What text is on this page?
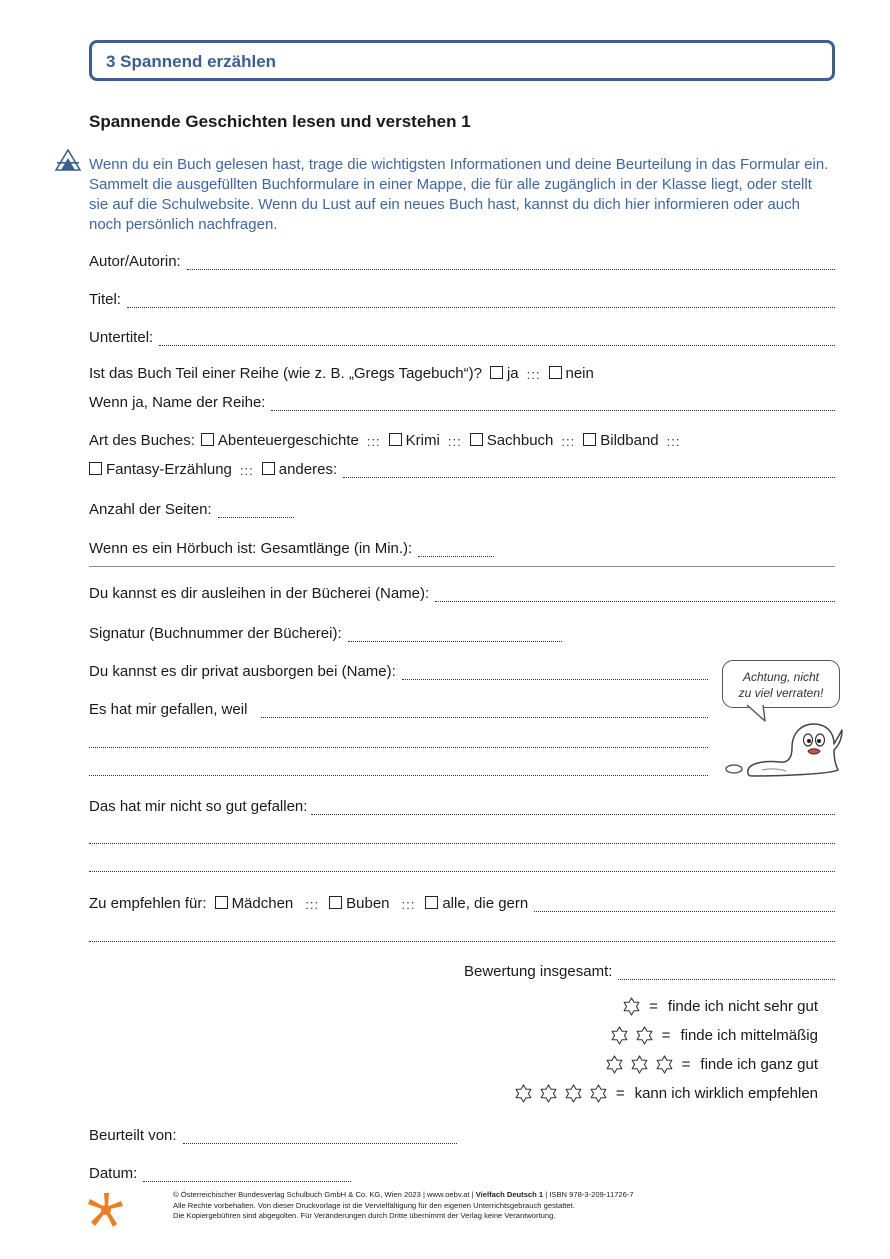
3 Spannend erzählen
Spannende Geschichten lesen und verstehen 1
Wenn du ein Buch gelesen hast, trage die wichtigsten Informationen und deine Beurteilung in das Formular ein. Sammelt die ausgefüllten Buchformulare in einer Mappe, die für alle zugänglich in der Klasse liegt, oder stellt sie auf die Schulwebsite. Wenn du Lust auf ein neues Buch hast, kannst du dich hier informieren oder auch noch persönlich nachfragen.
Autor/Autorin:
Titel:
Untertitel:
Ist das Buch Teil einer Reihe (wie z. B. „Gregs Tagebuch“)? ja ::: nein
Wenn ja, Name der Reihe:
Art des Buches: Abenteuergeschichte ::: Krimi ::: Sachbuch ::: Bildband :::
Fantasy-Erzählung ::: anderes:
Anzahl der Seiten:
Wenn es ein Hörbuch ist: Gesamtlänge (in Min.):
Du kannst es dir ausleihen in der Bücherei (Name):
Signatur (Buchnummer der Bücherei):
Du kannst es dir privat ausborgen bei (Name):
Es hat mir gefallen, weil
Achtung, nicht
zu viel verraten!
Das hat mir nicht so gut gefallen:
Zu empfehlen für: Mädchen ::: Buben ::: alle, die gern
Bewertung insgesamt:
= finde ich nicht sehr gut
= finde ich mittelmäßig
= finde ich ganz gut
= kann ich wirklich empfehlen
Beurteilt von:
Datum:
© Österreichischer Bundesverlag Schulbuch GmbH & Co. KG, Wien 2023 | www.oebv.at | Vielfach Deutsch 1 | ISBN 978-3-209-11726-7
Alle Rechte vorbehalten. Von dieser Druckvorlage ist die Vervielfältigung für den eigenen Unterrichtsgebrauch gestattet.
Die Kopiergebühren sind abgegolten. Für Veränderungen durch Dritte übernimmt der Verlag keine Verantwortung.
